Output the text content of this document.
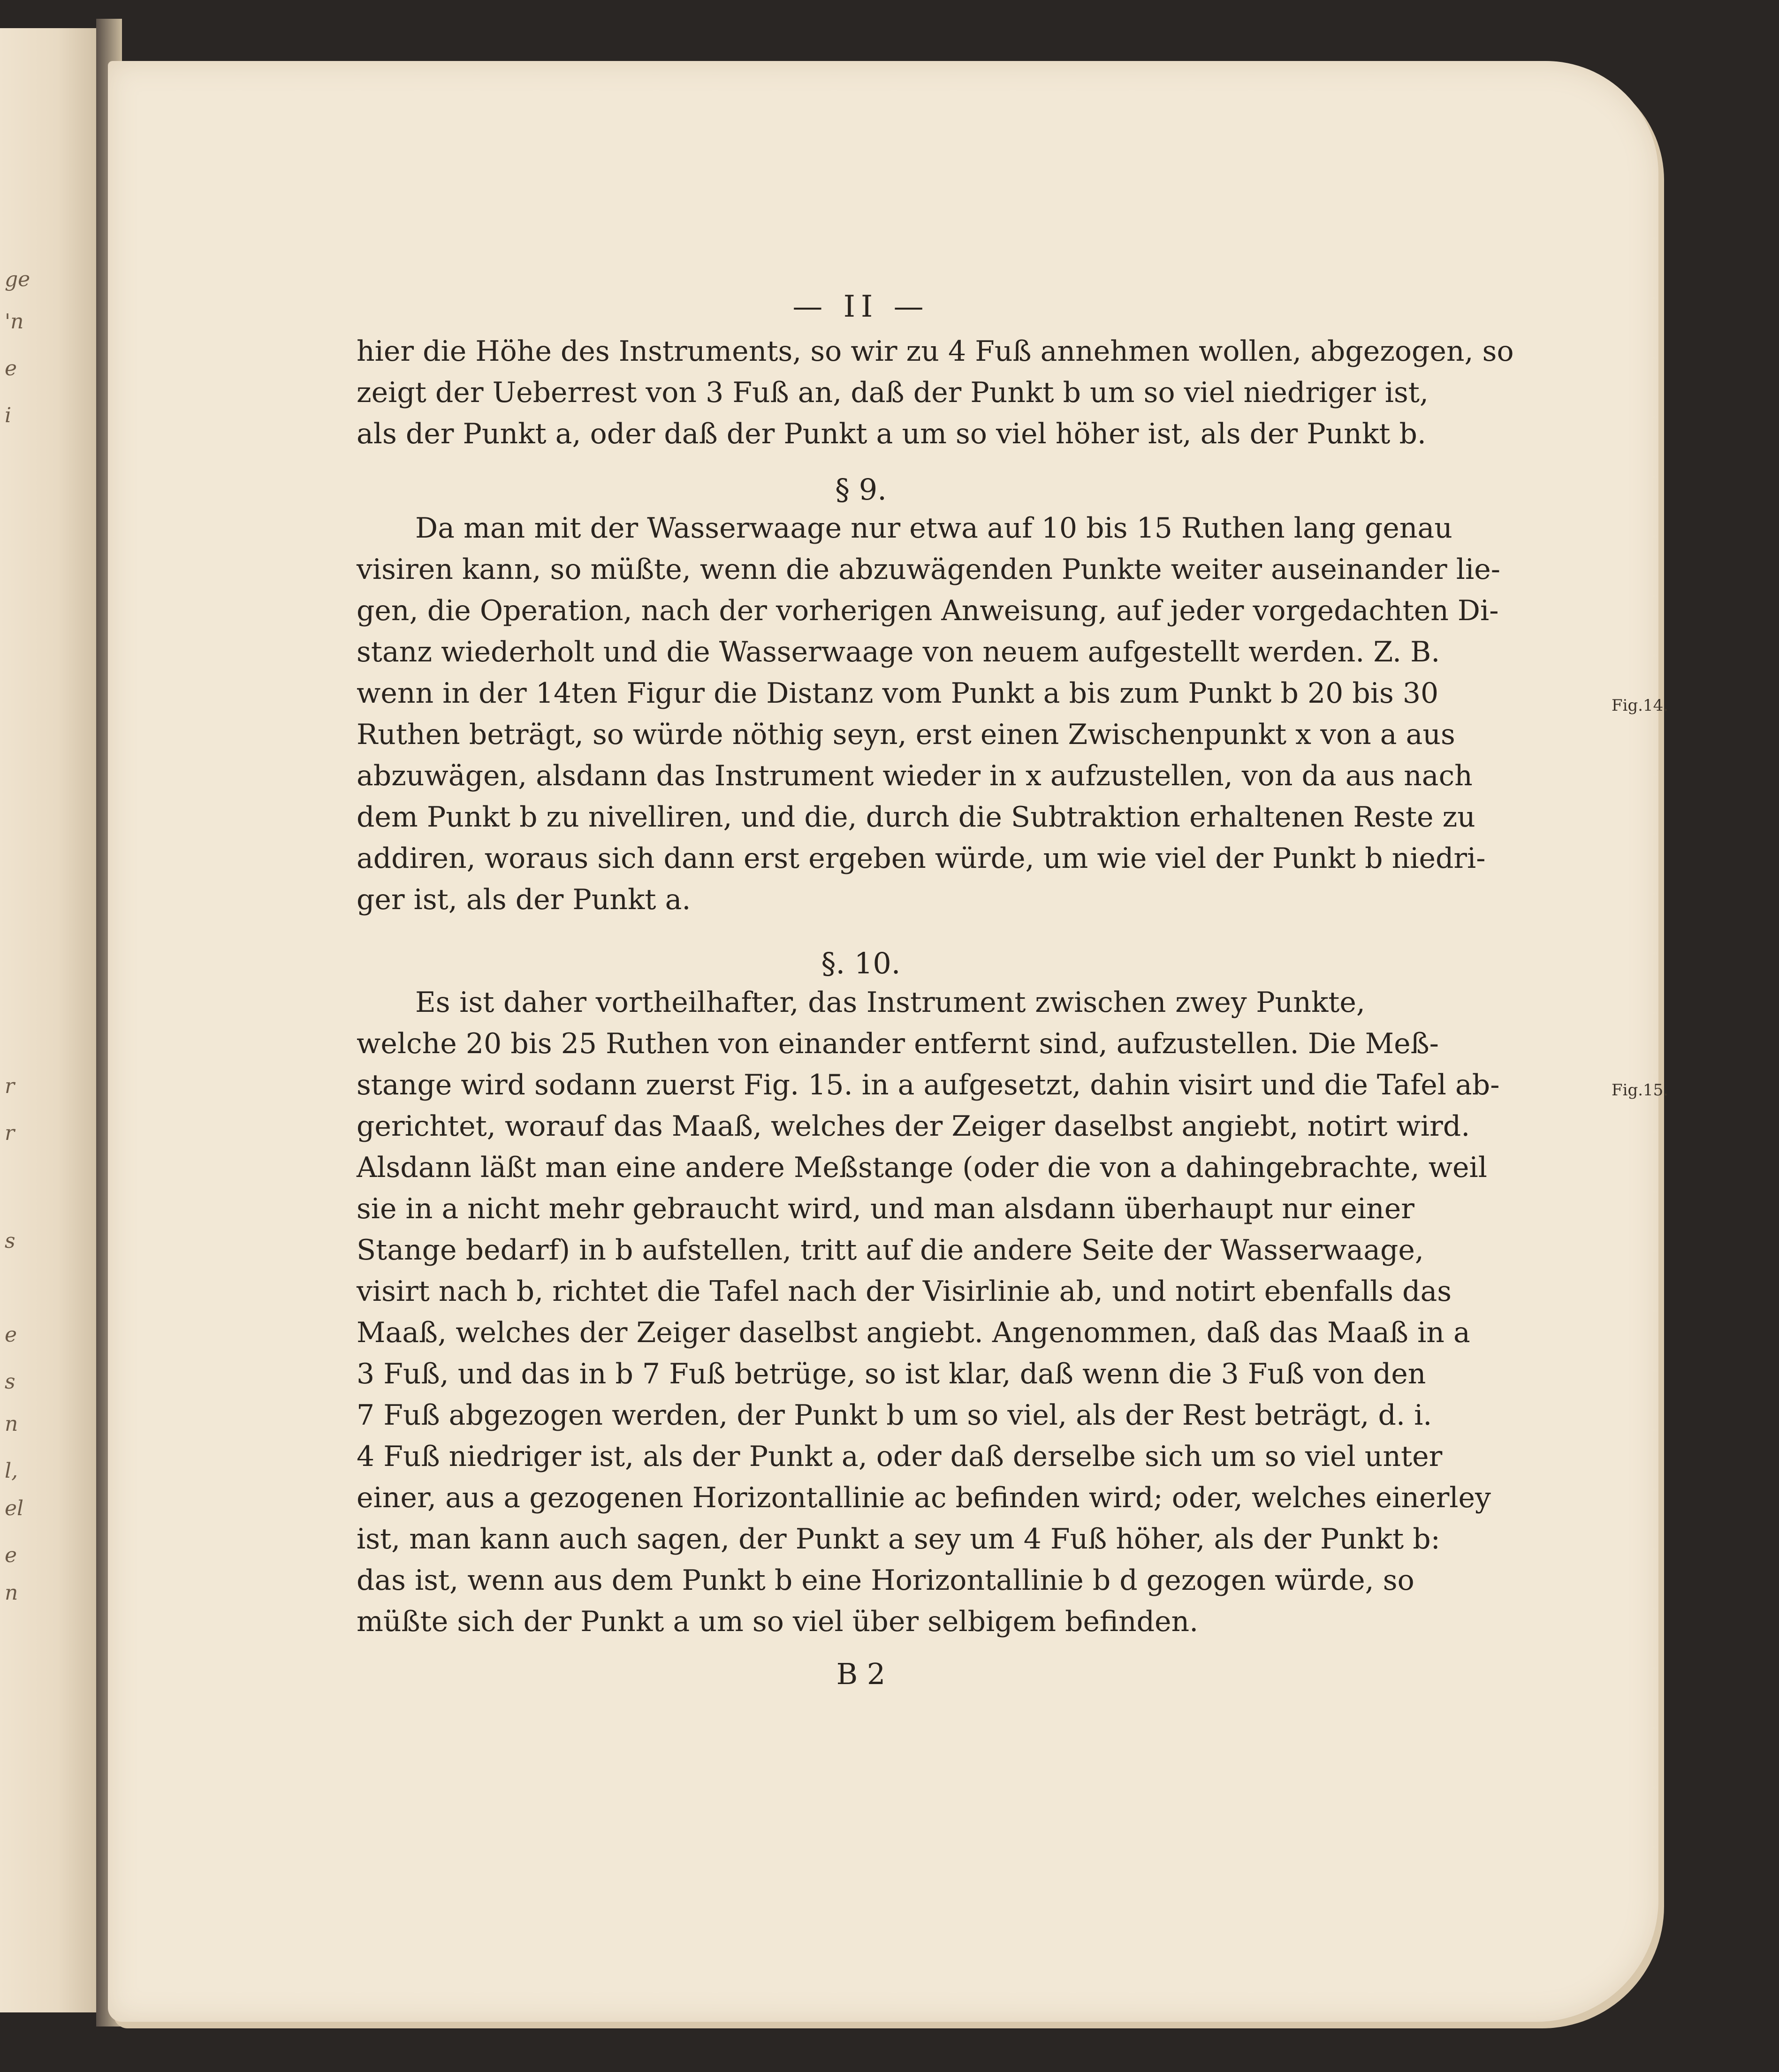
ge
'n
e
i
r
r
s
e
s
n
l,
el
e
n
— II —
hier die Höhe des Instruments, so wir zu 4 Fuß annehmen wollen, abgezogen, so
zeigt der Ueberrest von 3 Fuß an, daß der Punkt b um so viel niedriger ist,
als der Punkt a, oder daß der Punkt a um so viel höher ist, als der Punkt b.
§ 9.
Da man mit der Wasserwaage nur etwa auf 10 bis 15 Ruthen lang genau
visiren kann, so müßte, wenn die abzuwägenden Punkte weiter auseinander lie-
gen, die Operation, nach der vorherigen Anweisung, auf jeder vorgedachten Di-
stanz wiederholt und die Wasserwaage von neuem aufgestellt werden. Z. B.
wenn in der 14ten Figur die Distanz vom Punkt a bis zum Punkt b 20 bis 30
Ruthen beträgt, so würde nöthig seyn, erst einen Zwischenpunkt x von a aus
abzuwägen, alsdann das Instrument wieder in x aufzustellen, von da aus nach
dem Punkt b zu nivelliren, und die, durch die Subtraktion erhaltenen Reste zu
addiren, woraus sich dann erst ergeben würde, um wie viel der Punkt b niedri-
ger ist, als der Punkt a.
§. 10.
Es ist daher vortheilhafter, das Instrument zwischen zwey Punkte,
welche 20 bis 25 Ruthen von einander entfernt sind, aufzustellen. Die Meß-
stange wird sodann zuerst Fig. 15. in a aufgesetzt, dahin visirt und die Tafel ab-
gerichtet, worauf das Maaß, welches der Zeiger daselbst angiebt, notirt wird.
Alsdann läßt man eine andere Meßstange (oder die von a dahingebrachte, weil
sie in a nicht mehr gebraucht wird, und man alsdann überhaupt nur einer
Stange bedarf) in b aufstellen, tritt auf die andere Seite der Wasserwaage,
visirt nach b, richtet die Tafel nach der Visirlinie ab, und notirt ebenfalls das
Maaß, welches der Zeiger daselbst angiebt. Angenommen, daß das Maaß in a
3 Fuß, und das in b 7 Fuß betrüge, so ist klar, daß wenn die 3 Fuß von den
7 Fuß abgezogen werden, der Punkt b um so viel, als der Rest beträgt, d. i.
4 Fuß niedriger ist, als der Punkt a, oder daß derselbe sich um so viel unter
einer, aus a gezogenen Horizontallinie ac befinden wird; oder, welches einerley
ist, man kann auch sagen, der Punkt a sey um 4 Fuß höher, als der Punkt b:
das ist, wenn aus dem Punkt b eine Horizontallinie b d gezogen würde, so
müßte sich der Punkt a um so viel über selbigem befinden.
B 2
Fig.14.
Fig.15.
